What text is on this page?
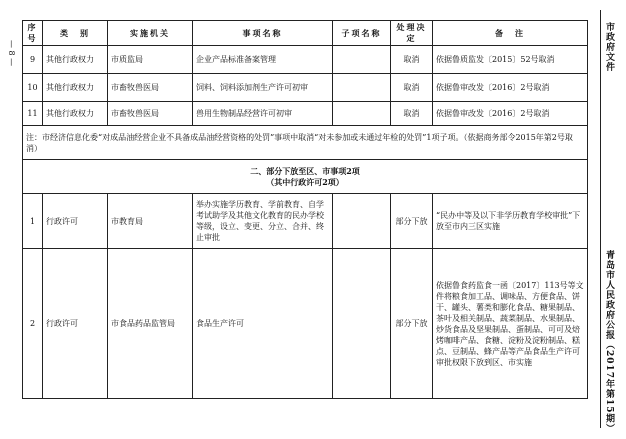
— 8 —	市政府文件
青岛市人民政府公报（2017年第15期）
序号	类　别	实施机关	事项名称	子项名称	处理决定	备　注
9	其他行政权力	市质监局	企业产品标准备案管理		取消	依据鲁质监发〔2015〕52号取消
10	其他行政权力	市畜牧兽医局	饲料、饲料添加剂生产许可初审		取消	依据鲁审改发〔2016〕2号取消
11	其他行政权力	市畜牧兽医局	兽用生物制品经营许可初审		取消	依据鲁审改发〔2016〕2号取消
注：市经济信息化委“对成品油经营企业不具备成品油经营资格的处罚”事项中取消“对未参加或未通过年检的处罚”1项子项。（依据商务部令2015年第2号取消）						

二、部分下放至区、市事项2项
（其中行政许可2项）						

1	行政许可	市教育局	举办实施学历教育、学前教育、自学考试助学及其他文化教育的民办学校等级，设立、变更、分立、合并、终止审批		部分下放	“民办中等及以下非学历教育学校审批”下放至市内三区实施
2	行政许可	市食品药品监管局	食品生产许可		部分下放	依据鲁食药监食一函〔2017〕113号等文件将粮食加工品、调味品、方便食品、饼干、罐头、薯类和膨化食品、糖果制品、茶叶及相关制品、蔬菜制品、水果制品、炒货食品及坚果制品、蛋制品、可可及焙烤咖啡产品、食糖、淀粉及淀粉制品、糕点、豆制品、蜂产品等产品食品生产许可审批权限下放到区、市实施
